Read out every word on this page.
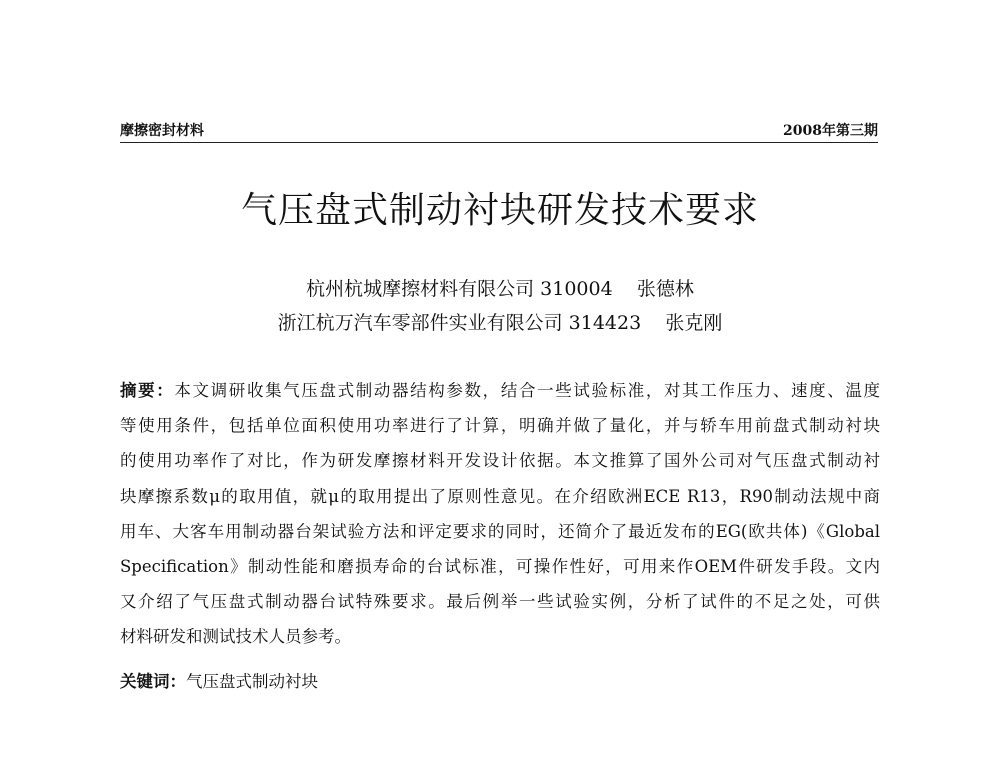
摩擦密封材料	2008年第三期
气压盘式制动衬块研发技术要求
杭州杭城摩擦材料有限公司 310004 张德林
浙江杭万汽车零部件实业有限公司 314423 张克刚
摘要：本文调研收集气压盘式制动器结构参数，结合一些试验标准，对其工作压力、速度、温度
等使用条件，包括单位面积使用功率进行了计算，明确并做了量化，并与轿车用前盘式制动衬块
的使用功率作了对比，作为研发摩擦材料开发设计依据。本文推算了国外公司对气压盘式制动衬
块摩擦系数μ的取用值，就μ的取用提出了原则性意见。在介绍欧洲ECE R13，R90制动法规中商
用车、大客车用制动器台架试验方法和评定要求的同时，还简介了最近发布的EG(欧共体)《Global
Specification》制动性能和磨损寿命的台试标准，可操作性好，可用来作OEM件研发手段。文内
又介绍了气压盘式制动器台试特殊要求。最后例举一些试验实例，分析了试件的不足之处，可供
材料研发和测试技术人员参考。
关键词：气压盘式制动衬块
